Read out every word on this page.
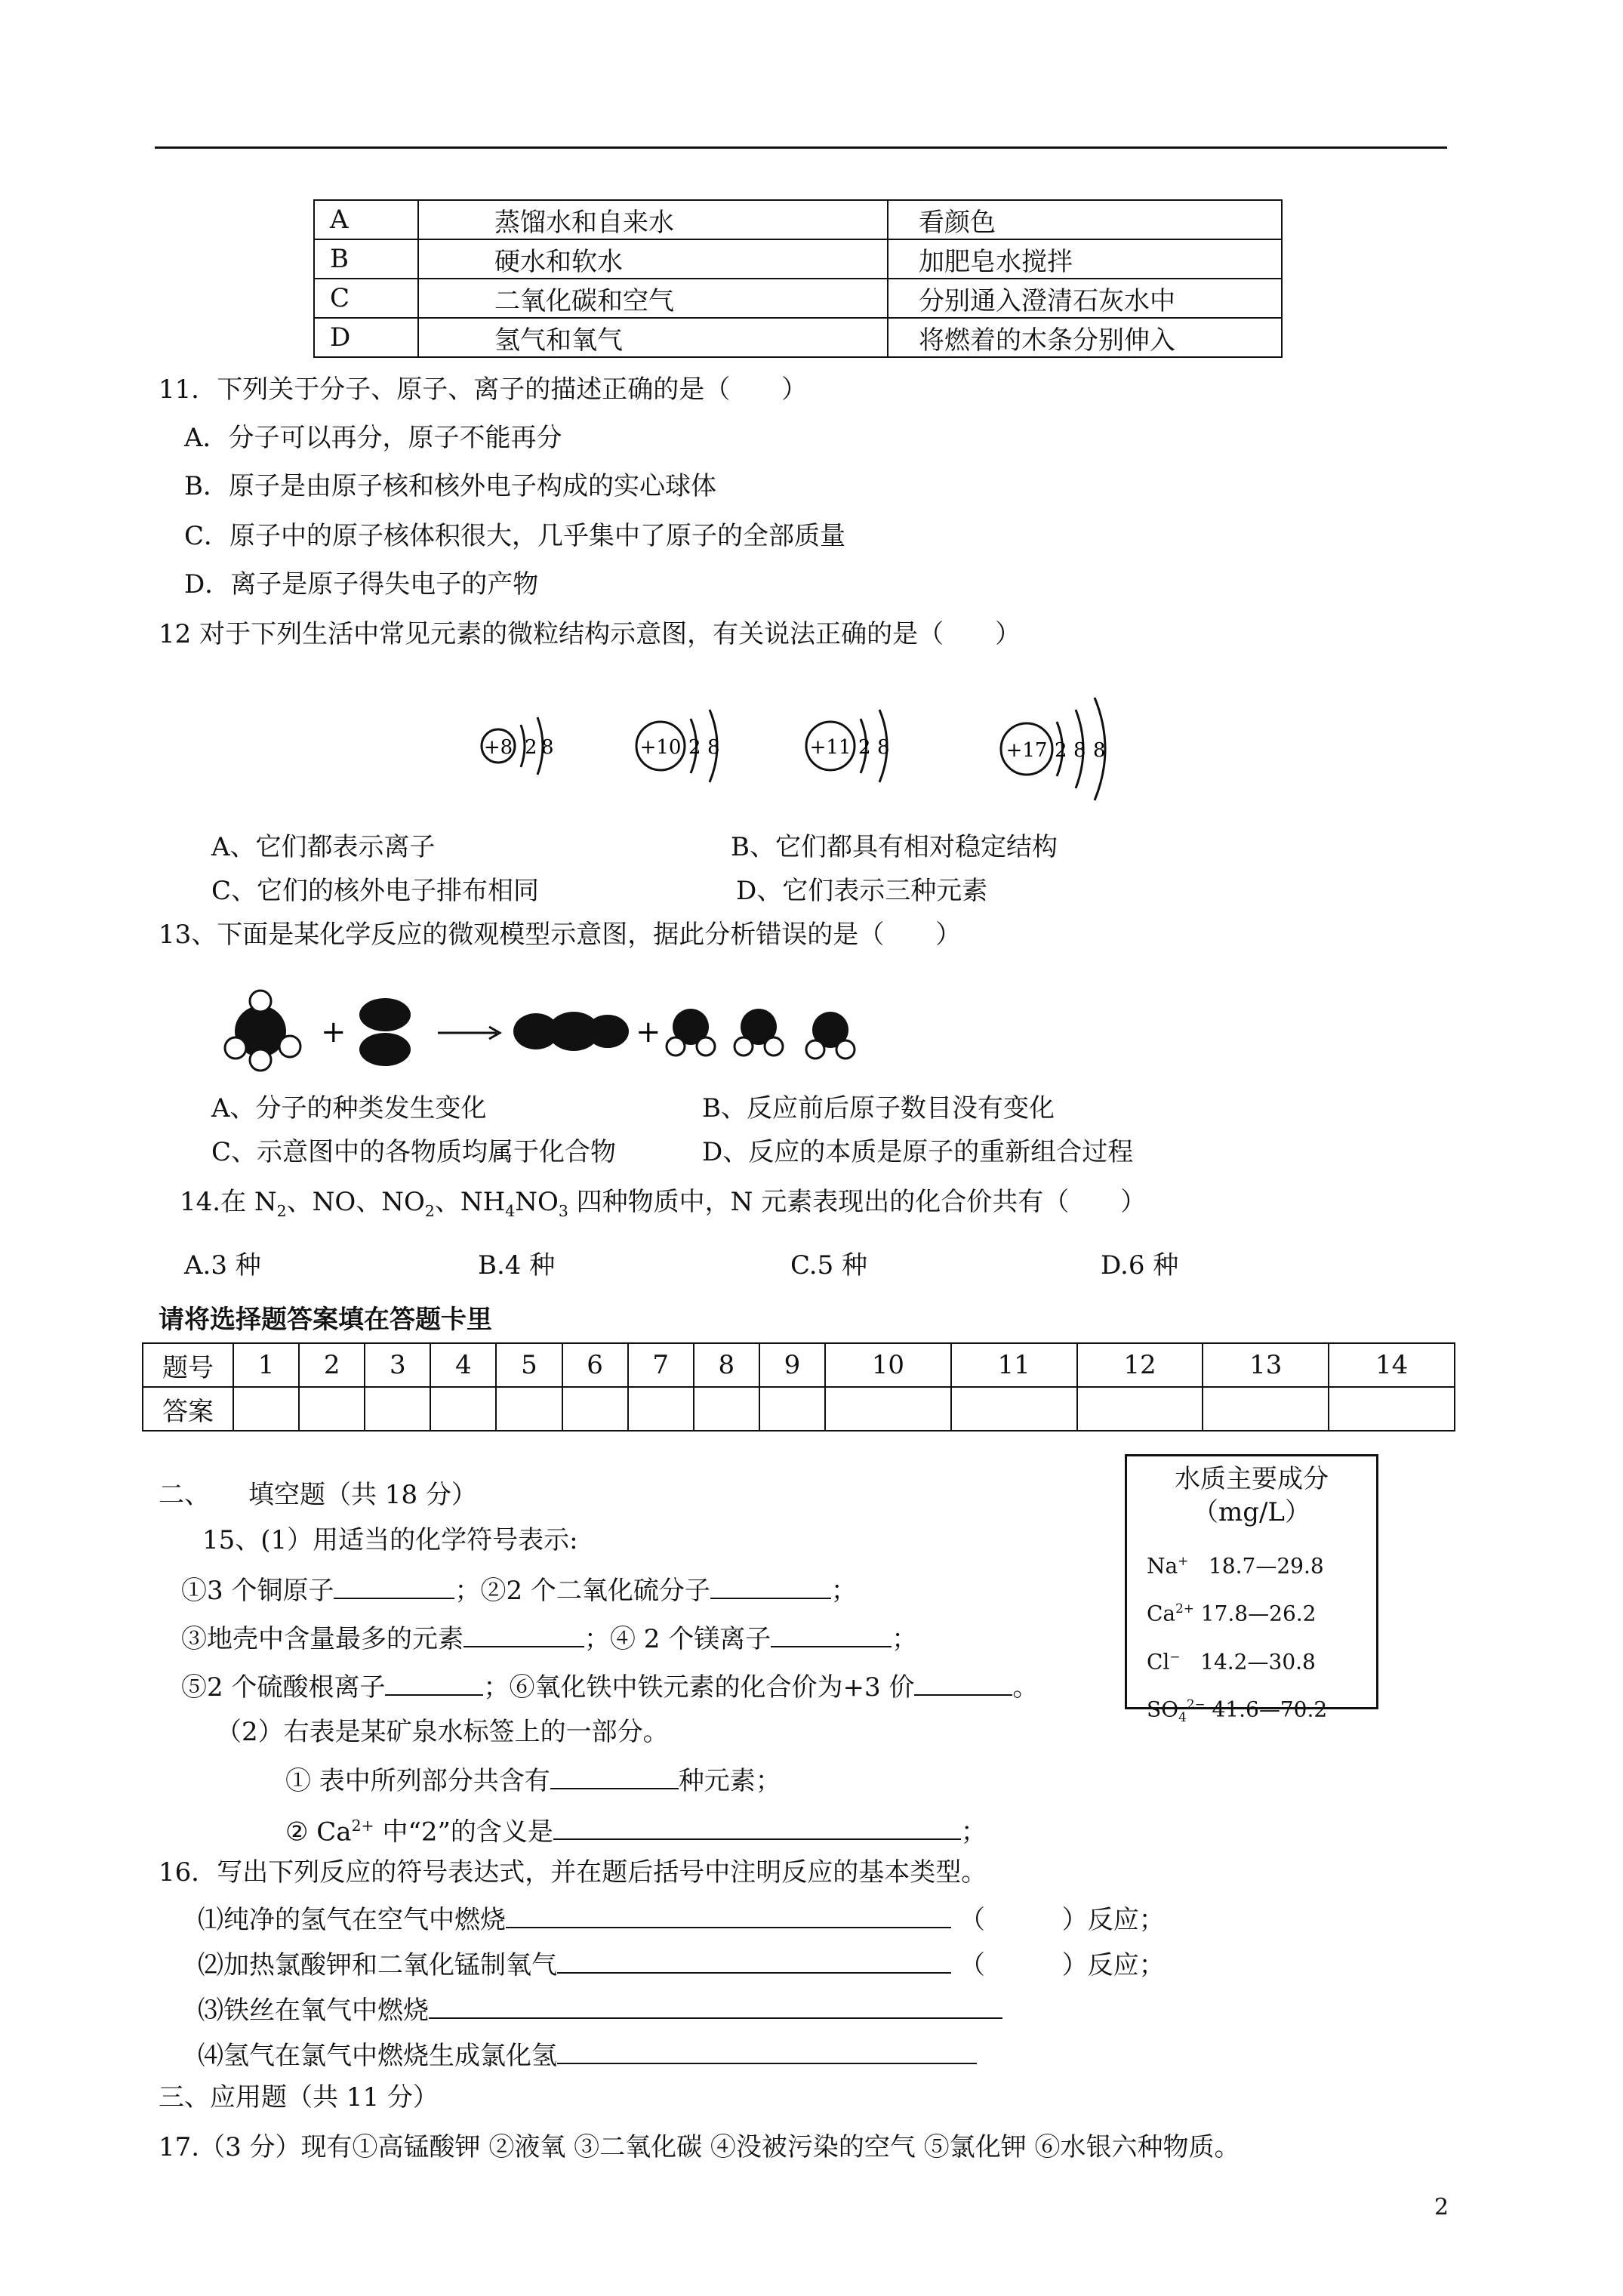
A	蒸馏水和自来水	看颜色
B	硬水和软水	加肥皂水搅拌
C	二氧化碳和空气	分别通入澄清石灰水中
D	氢气和氧气	将燃着的木条分别伸入
11．下列关于分子、原子、离子的描述正确的是（　　）
A．分子可以再分，原子不能再分
B．原子是由原子核和核外电子构成的实心球体
C．原子中的原子核体积很大，几乎集中了原子的全部质量
D．离子是原子得失电子的产物
12 对于下列生活中常见元素的微粒结构示意图，有关说法正确的是（　　）
+8 2 8	+10 2 8	+11 2 8	+17 2 8 8
A、它们都表示离子	B、它们都具有相对稳定结构
C、它们的核外电子排布相同	D、它们表示三种元素
13、下面是某化学反应的微观模型示意图，据此分析错误的是（　　）
+	+
A、分子的种类发生变化	B、反应前后原子数目没有变化
C、示意图中的各物质均属于化合物	D、反应的本质是原子的重新组合过程
14.在 $N_2$、NO、$NO_2$、$NH_4NO_3$ 四种物质中，N 元素表现出的化合价共有（　　）
A.3 种	B.4 种	C.5 种	D.6 种
请将选择题答案填在答题卡里
题号	1	2	3	4	5	6	7	8	9	10	11	12	13	14
答案														
二、　　填空题（共 18 分）
15、(1）用适当的化学符号表示:
①3 个铜原子	；②2 个二氧化硫分子	；
③地壳中含量最多的元素	；④ 2 个镁离子	；
⑤2 个硫酸根离子	；⑥氧化铁中铁元素的化合价为+3 价	。
（2）右表是某矿泉水标签上的一部分。
① 表中所列部分共含有	种元素；
② $Ca^{2+}$ 中“2”的含义是	；
水质主要成分
（mg/L）
Na+ 18.7—29.8
$Ca^{2+}$ 17.8—26.2
Cl− 14.2—30.8
$SO_4^{2-}$ 41.6—70.2
16．写出下列反应的符号表达式，并在题后括号中注明反应的基本类型。
⑴纯净的氢气在空气中燃烧	（　　　）反应；
⑵加热氯酸钾和二氧化锰制氧气	（　　　）反应；
⑶铁丝在氧气中燃烧
⑷氢气在氯气中燃烧生成氯化氢
三、应用题（共 11 分）
17.（3 分）现有①高锰酸钾 ②液氧 ③二氧化碳 ④没被污染的空气 ⑤氯化钾 ⑥水银六种物质。
2
